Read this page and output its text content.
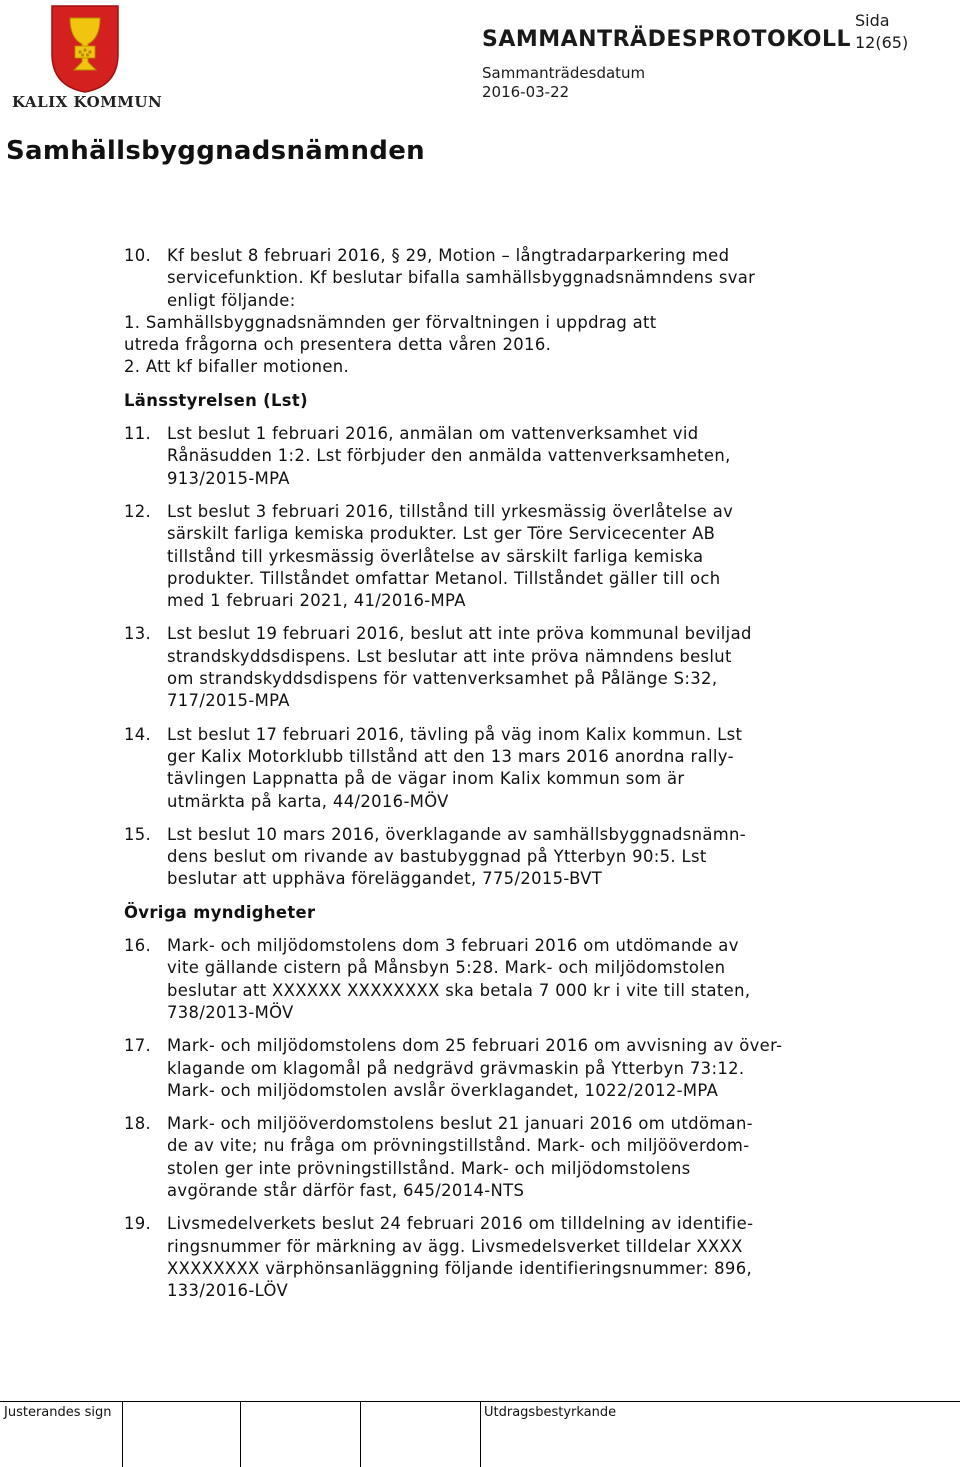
KALIX KOMMUN
SAMMANTRÄDESPROTOKOLL
Sida
12(65)
Sammanträdesdatum
2016-03-22
Samhällsbyggnadsnämnden
10. Kf beslut 8 februari 2016, § 29, Motion – långtradarparkering med
servicefunktion. Kf beslutar bifalla samhällsbyggnadsnämndens svar
enligt följande:
1. Samhällsbyggnadsnämnden ger förvaltningen i uppdrag att
utreda frågorna och presentera detta våren 2016.
2. Att kf bifaller motionen.
Länsstyrelsen (Lst)
11. Lst beslut 1 februari 2016, anmälan om vattenverksamhet vid
Rånäsudden 1:2. Lst förbjuder den anmälda vattenverksamheten,
913/2015-MPA
12. Lst beslut 3 februari 2016, tillstånd till yrkesmässig överlåtelse av
särskilt farliga kemiska produkter. Lst ger Töre Servicecenter AB
tillstånd till yrkesmässig överlåtelse av särskilt farliga kemiska
produkter. Tillståndet omfattar Metanol. Tillståndet gäller till och
med 1 februari 2021, 41/2016-MPA
13. Lst beslut 19 februari 2016, beslut att inte pröva kommunal beviljad
strandskyddsdispens. Lst beslutar att inte pröva nämndens beslut
om strandskyddsdispens för vattenverksamhet på Pålänge S:32,
717/2015-MPA
14. Lst beslut 17 februari 2016, tävling på väg inom Kalix kommun. Lst
ger Kalix Motorklubb tillstånd att den 13 mars 2016 anordna rally-
tävlingen Lappnatta på de vägar inom Kalix kommun som är
utmärkta på karta, 44/2016-MÖV
15. Lst beslut 10 mars 2016, överklagande av samhällsbyggnadsnämn-
dens beslut om rivande av bastubyggnad på Ytterbyn 90:5. Lst
beslutar att upphäva föreläggandet, 775/2015-BVT
Övriga myndigheter
16. Mark- och miljödomstolens dom 3 februari 2016 om utdömande av
vite gällande cistern på Månsbyn 5:28. Mark- och miljödomstolen
beslutar att XXXXXX XXXXXXXX ska betala 7 000 kr i vite till staten,
738/2013-MÖV
17. Mark- och miljödomstolens dom 25 februari 2016 om avvisning av över-
klagande om klagomål på nedgrävd grävmaskin på Ytterbyn 73:12.
Mark- och miljödomstolen avslår överklagandet, 1022/2012-MPA
18. Mark- och miljööverdomstolens beslut 21 januari 2016 om utdöman-
de av vite; nu fråga om prövningstillstånd. Mark- och miljööverdom-
stolen ger inte prövningstillstånd. Mark- och miljödomstolens
avgörande står därför fast, 645/2014-NTS
19. Livsmedelverkets beslut 24 februari 2016 om tilldelning av identifie-
ringsnummer för märkning av ägg. Livsmedelsverket tilldelar XXXX
XXXXXXXX värphönsanläggning följande identifieringsnummer: 896,
133/2016-LÖV
Justerandes sign	Utdragsbestyrkande
